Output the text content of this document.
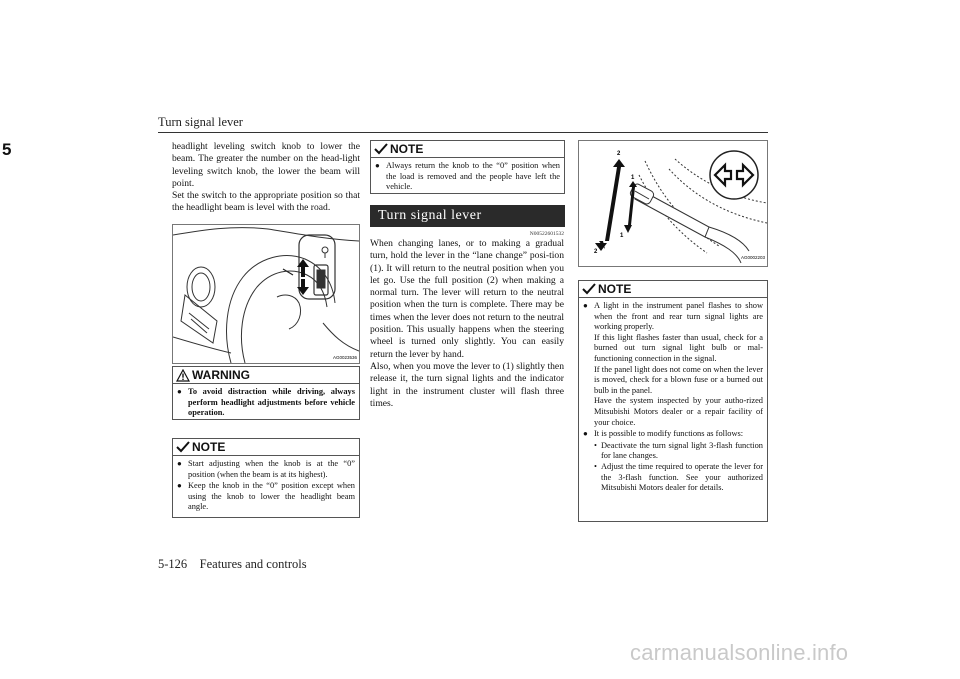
Turn signal lever
5	headlight leveling switch knob to lower the beam. The greater the number on the head-light leveling switch knob, the lower the beam will point.

Set the switch to the appropriate position so that the headlight beam is level with the road.

AG0023536
WARNING
● To avoid distraction while driving, always perform headlight adjustments before vehicle operation.
NOTE
● Start adjusting when the knob is at the “0” position (when the beam is at its highest).
● Keep the knob in the “0” position except when using the knob to lower the headlight beam angle.
NOTE
● Always return the knob to the “0” position when the load is removed and the people have left the vehicle.
Turn signal lever
N00522601532

When changing lanes, or to making a gradual turn, hold the lever in the “lane change” posi-tion (1). It will return to the neutral position when you let go. Use the full position (2) when making a normal turn. The lever will return to the neutral position when the turn is complete. There may be times when the lever does not return to the neutral position. This usually happens when the steering wheel is turned only slightly. You can easily return the lever by hand.

Also, when you move the lever to (1) slightly then release it, the turn signal lights and the indicator light in the instrument cluster will flash three times.

2
1
1
2
AG0002203
NOTE
● A light in the instrument panel flashes to show when the front and rear turn signal lights are working properly.
If this light flashes faster than usual, check for a burned out turn signal light bulb or mal-functioning connection in the signal.
If the panel light does not come on when the lever is moved, check for a blown fuse or a burned out bulb in the panel.
Have the system inspected by your autho-rized Mitsubishi Motors dealer or a repair facility of your choice.
● It is possible to modify functions as follows:
• Deactivate the turn signal light 3-flash function for lane changes.
• Adjust the time required to operate the lever for the 3-flash function. See your authorized Mitsubishi Motors dealer for details.
5-126    Features and controls
carmanualsonline.info
